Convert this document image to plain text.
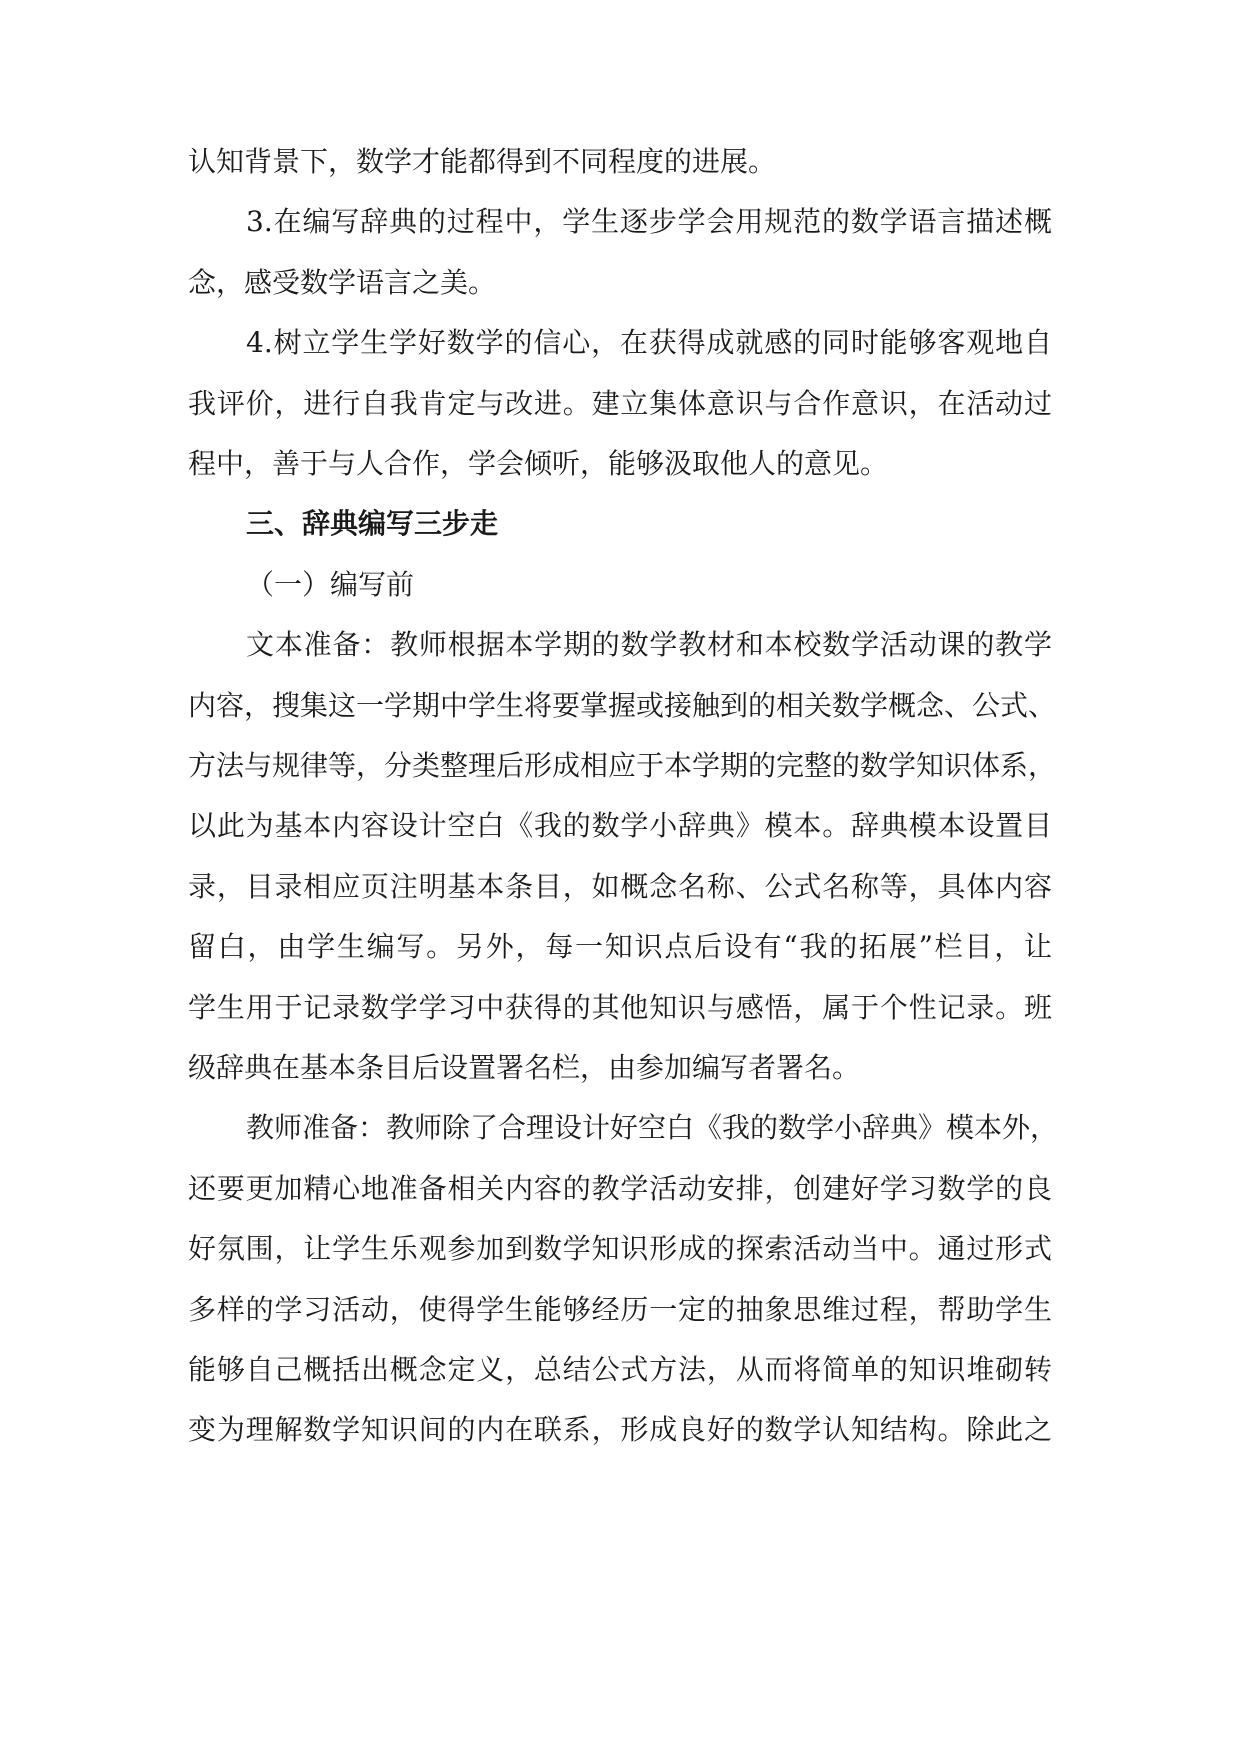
认知背景下，数学才能都得到不同程度的进展。
3.在编写辞典的过程中，学生逐步学会用规范的数学语言描述概
念，感受数学语言之美。
4.树立学生学好数学的信心，在获得成就感的同时能够客观地自
我评价，进行自我肯定与改进。建立集体意识与合作意识，在活动过
程中，善于与人合作，学会倾听，能够汲取他人的意见。
三、辞典编写三步走
（一）编写前
文本准备：教师根据本学期的数学教材和本校数学活动课的教学
内容，搜集这一学期中学生将要掌握或接触到的相关数学概念、公式、
方法与规律等，分类整理后形成相应于本学期的完整的数学知识体系，
以此为基本内容设计空白《我的数学小辞典》模本。辞典模本设置目
录，目录相应页注明基本条目，如概念名称、公式名称等，具体内容
留白，由学生编写。另外，每一知识点后设有“我的拓展”栏目，让
学生用于记录数学学习中获得的其他知识与感悟，属于个性记录。班
级辞典在基本条目后设置署名栏，由参加编写者署名。
教师准备：教师除了合理设计好空白《我的数学小辞典》模本外，
还要更加精心地准备相关内容的教学活动安排，创建好学习数学的良
好氛围，让学生乐观参加到数学知识形成的探索活动当中。通过形式
多样的学习活动，使得学生能够经历一定的抽象思维过程，帮助学生
能够自己概括出概念定义，总结公式方法，从而将简单的知识堆砌转
变为理解数学知识间的内在联系，形成良好的数学认知结构。除此之
